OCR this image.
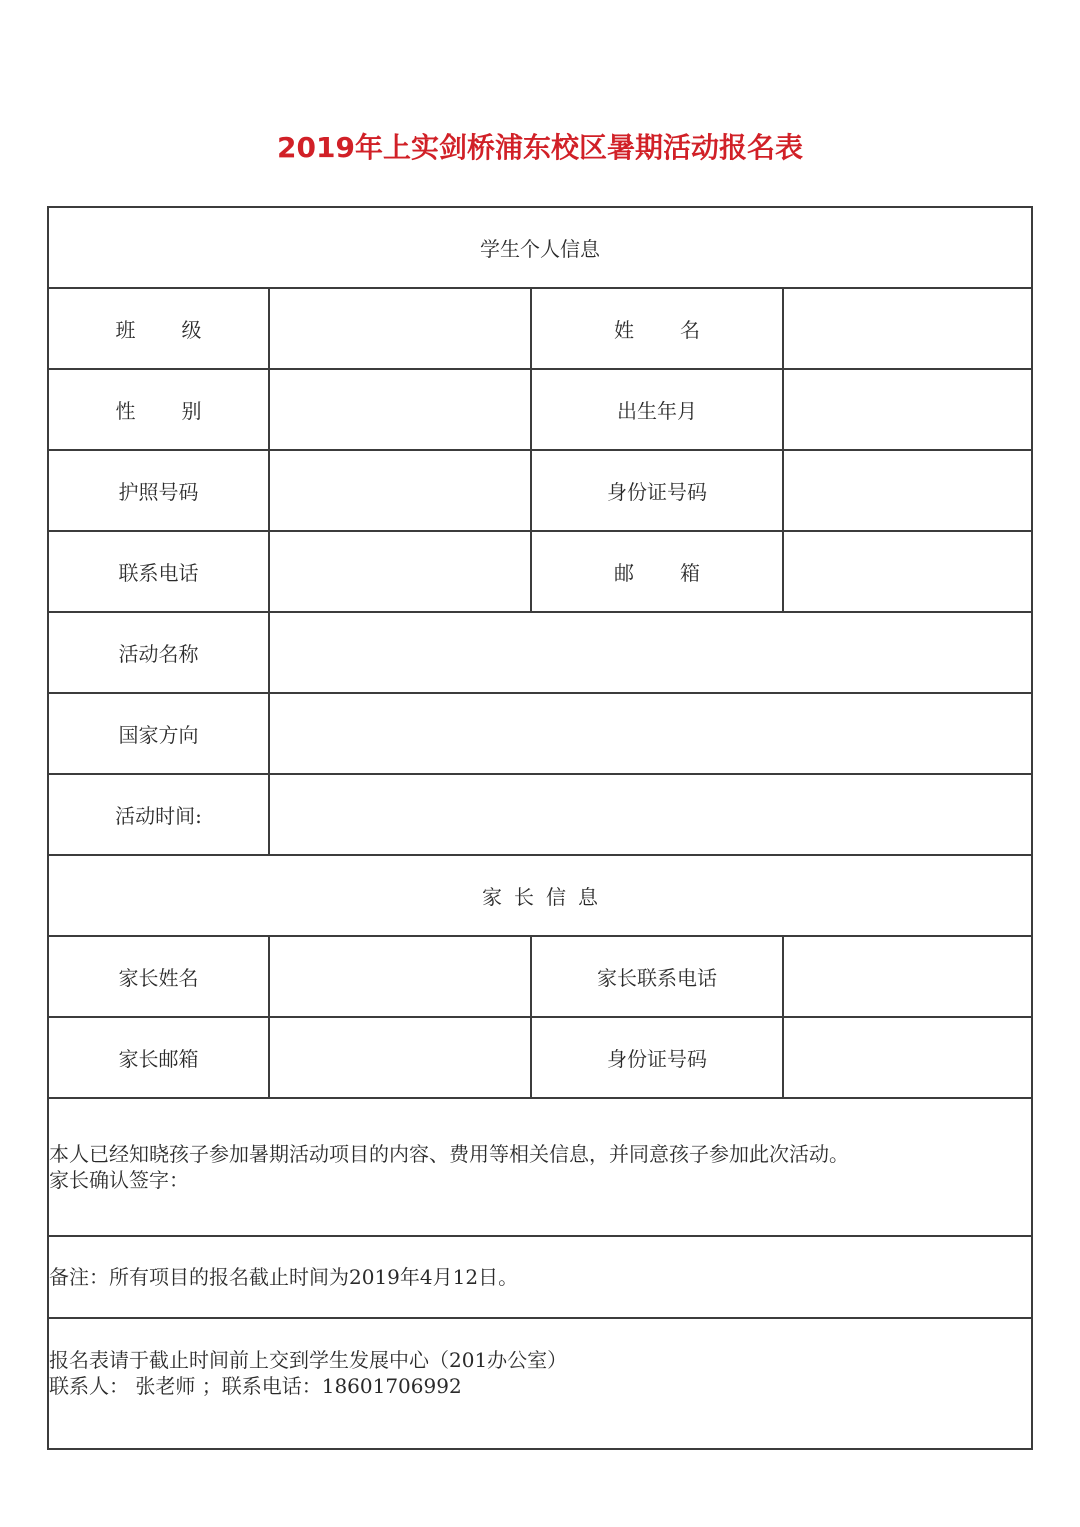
2019年上实剑桥浦东校区暑期活动报名表
学生个人信息			
班级		姓名	
性别		出生年月	
护照号码		身份证号码	
联系电话		邮箱	
活动名称			
国家方向			
活动时间:			
家长信息			
家长姓名		家长联系电话	
家长邮箱		身份证号码	

本人已经知晓孩子参加暑期活动项目的内容、费用等相关信息，并同意孩子参加此次活动。
家长确认签字：			

备注：所有项目的报名截止时间为2019年4月12日。			

报名表请于截止时间前上交到学生发展中心（201办公室）
联系人： 张老师 ；联系电话：18601706992			
